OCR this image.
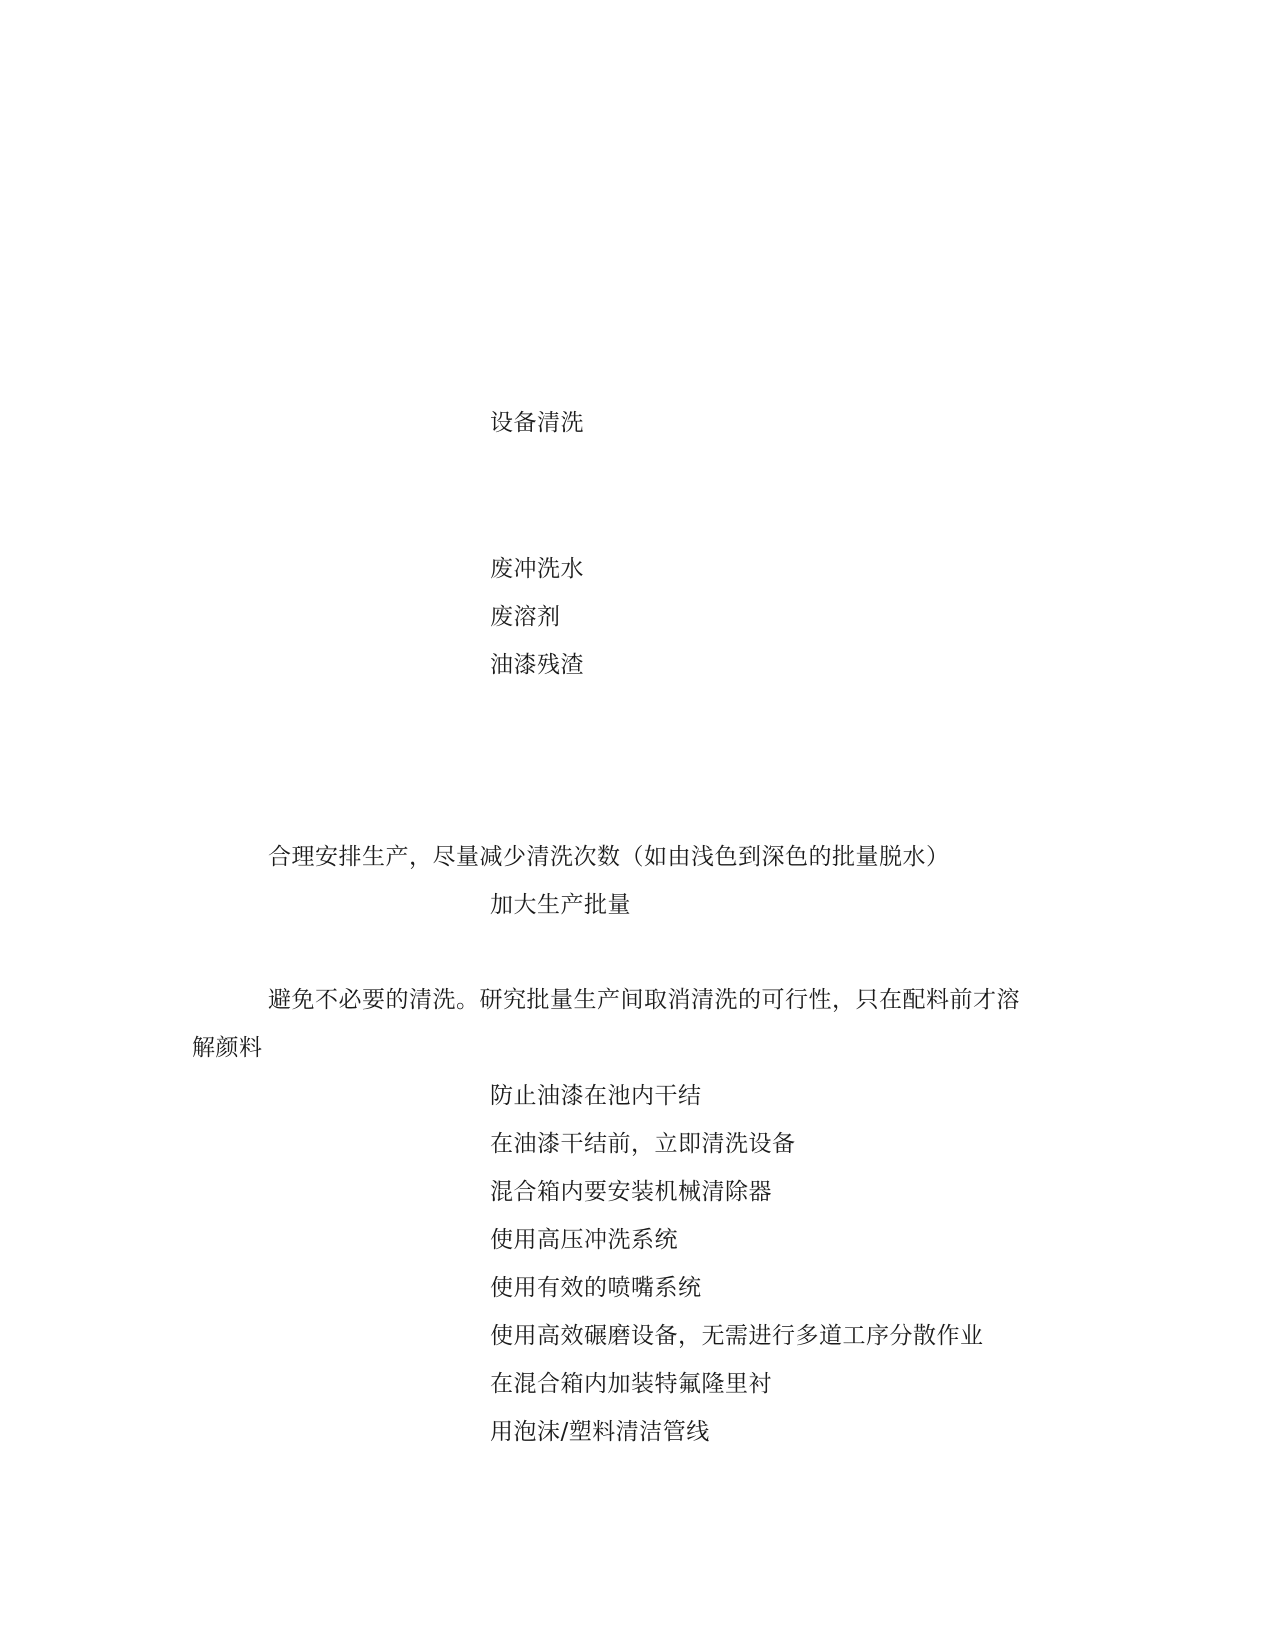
设备清洗
废冲洗水
废溶剂
油漆残渣
合理安排生产，尽量减少清洗次数（如由浅色到深色的批量脱水）
加大生产批量
避免不必要的清洗。研究批量生产间取消清洗的可行性，只在配料前才溶
解颜料
防止油漆在池内干结
在油漆干结前，立即清洗设备
混合箱内要安装机械清除器
使用高压冲洗系统
使用有效的喷嘴系统
使用高效碾磨设备，无需进行多道工序分散作业
在混合箱内加装特氟隆里衬
用泡沫/塑料清洁管线
